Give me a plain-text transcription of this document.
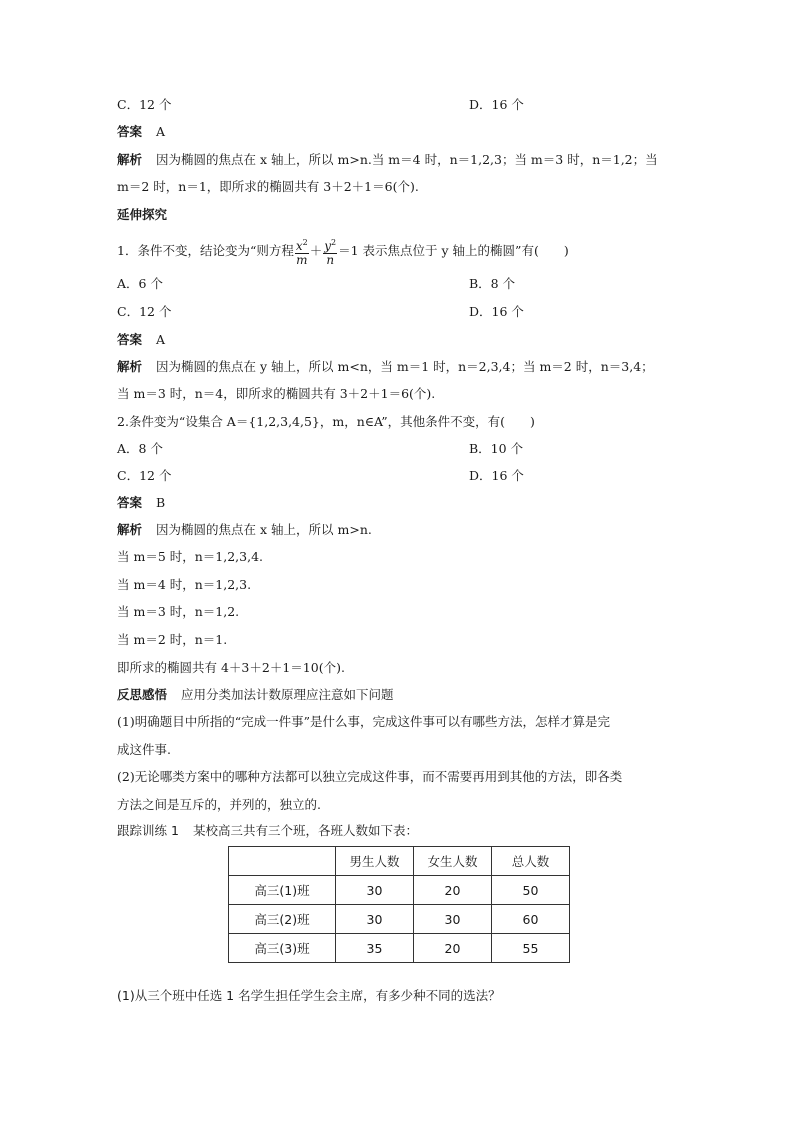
C．12 个	D．16 个
答案 A
解析 因为椭圆的焦点在 x 轴上，所以 m>n.当 m＝4 时，n＝1,2,3；当 m＝3 时，n＝1,2；当
m＝2 时，n＝1，即所求的椭圆共有 3＋2＋1＝6(个).
延伸探究
1．条件不变，结论变为“则方程 $\frac{x^2}{m} + \frac{y^2}{n} =1$ 表示焦点位于 y 轴上的椭圆”有(　　)
A．6 个	B．8 个
C．12 个	D．16 个
答案 A
解析 因为椭圆的焦点在 y 轴上，所以 m<n，当 m＝1 时，n＝2,3,4；当 m＝2 时，n＝3,4；
当 m＝3 时，n＝4，即所求的椭圆共有 3＋2＋1＝6(个).
2.条件变为“设集合 A＝{1,2,3,4,5}，m，n∈A”，其他条件不变，有(　　)
A．8 个	B．10 个
C．12 个	D．16 个
答案 B
解析 因为椭圆的焦点在 x 轴上，所以 m>n.
当 m＝5 时，n＝1,2,3,4.
当 m＝4 时，n＝1,2,3.
当 m＝3 时，n＝1,2.
当 m＝2 时，n＝1.
即所求的椭圆共有 4＋3＋2＋1＝10(个).
反思感悟 应用分类加法计数原理应注意如下问题
(1)明确题目中所指的“完成一件事”是什么事，完成这件事可以有哪些方法，怎样才算是完
成这件事.
(2)无论哪类方案中的哪种方法都可以独立完成这件事，而不需要再用到其他的方法，即各类
方法之间是互斥的，并列的，独立的.
跟踪训练 1 某校高三共有三个班，各班人数如下表：
	男生人数	女生人数	总人数
高三(1)班	30	20	50
高三(2)班	30	30	60
高三(3)班	35	20	55
(1)从三个班中任选 1 名学生担任学生会主席，有多少种不同的选法？
